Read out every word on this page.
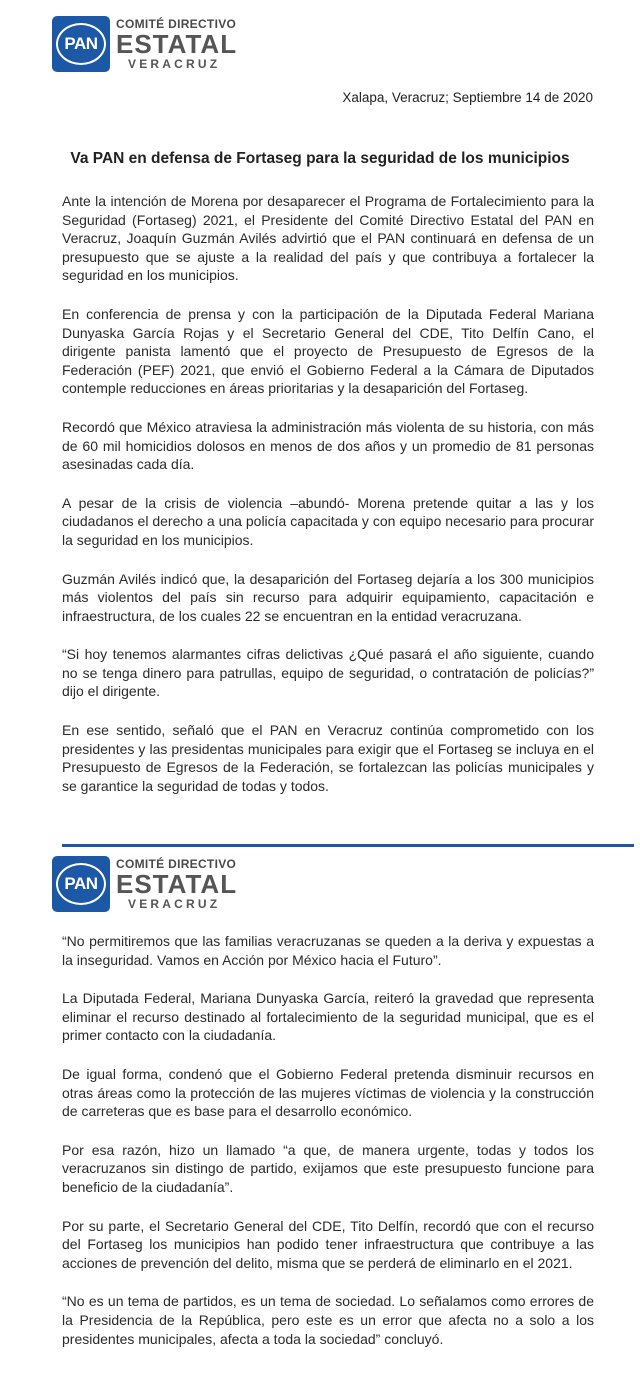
PAN
COMITÉ DIRECTIVO
ESTATAL
VERACRUZ
Xalapa, Veracruz; Septiembre 14 de 2020
Va PAN en defensa de Fortaseg para la seguridad de los municipios

Ante la intención de Morena por desaparecer el Programa de Fortalecimiento para la Seguridad (Fortaseg) 2021, el Presidente del Comité Directivo Estatal del PAN en Veracruz, Joaquín Guzmán Avilés advirtió que el PAN continuará en defensa de un presupuesto que se ajuste a la realidad del país y que contribuya a fortalecer la seguridad en los municipios.

En conferencia de prensa y con la participación de la Diputada Federal Mariana Dunyaska García Rojas y el Secretario General del CDE, Tito Delfín Cano, el dirigente panista lamentó que el proyecto de Presupuesto de Egresos de la Federación (PEF) 2021, que envió el Gobierno Federal a la Cámara de Diputados contemple reducciones en áreas prioritarias y la desaparición del Fortaseg.

Recordó que México atraviesa la administración más violenta de su historia, con más de 60 mil homicidios dolosos en menos de dos años y un promedio de 81 personas asesinadas cada día.

A pesar de la crisis de violencia –abundó- Morena pretende quitar a las y los ciudadanos el derecho a una policía capacitada y con equipo necesario para procurar la seguridad en los municipios.

Guzmán Avilés indicó que, la desaparición del Fortaseg dejaría a los 300 municipios más violentos del país sin recurso para adquirir equipamiento, capacitación e infraestructura, de los cuales 22 se encuentran en la entidad veracruzana.

“Si hoy tenemos alarmantes cifras delictivas ¿Qué pasará el año siguiente, cuando no se tenga dinero para patrullas, equipo de seguridad, o contratación de policías?” dijo el dirigente.

En ese sentido, señaló que el PAN en Veracruz continúa comprometido con los presidentes y las presidentas municipales para exigir que el Fortaseg se incluya en el Presupuesto de Egresos de la Federación, se fortalezcan las policías municipales y se garantice la seguridad de todas y todos.

PAN
COMITÉ DIRECTIVO
ESTATAL
VERACRUZ

“No permitiremos que las familias veracruzanas se queden a la deriva y expuestas a la inseguridad. Vamos en Acción por México hacia el Futuro”.

La Diputada Federal, Mariana Dunyaska García, reiteró la gravedad que representa eliminar el recurso destinado al fortalecimiento de la seguridad municipal, que es el primer contacto con la ciudadanía.

De igual forma, condenó que el Gobierno Federal pretenda disminuir recursos en otras áreas como la protección de las mujeres víctimas de violencia y la construcción de carreteras que es base para el desarrollo económico.

Por esa razón, hizo un llamado “a que, de manera urgente, todas y todos los veracruzanos sin distingo de partido, exijamos que este presupuesto funcione para beneficio de la ciudadanía”.

Por su parte, el Secretario General del CDE, Tito Delfín, recordó que con el recurso del Fortaseg los municipios han podido tener infraestructura que contribuye a las acciones de prevención del delito, misma que se perderá de eliminarlo en el 2021.

“No es un tema de partidos, es un tema de sociedad. Lo señalamos como errores de la Presidencia de la República, pero este es un error que afecta no a solo a los presidentes municipales, afecta a toda la sociedad” concluyó.
